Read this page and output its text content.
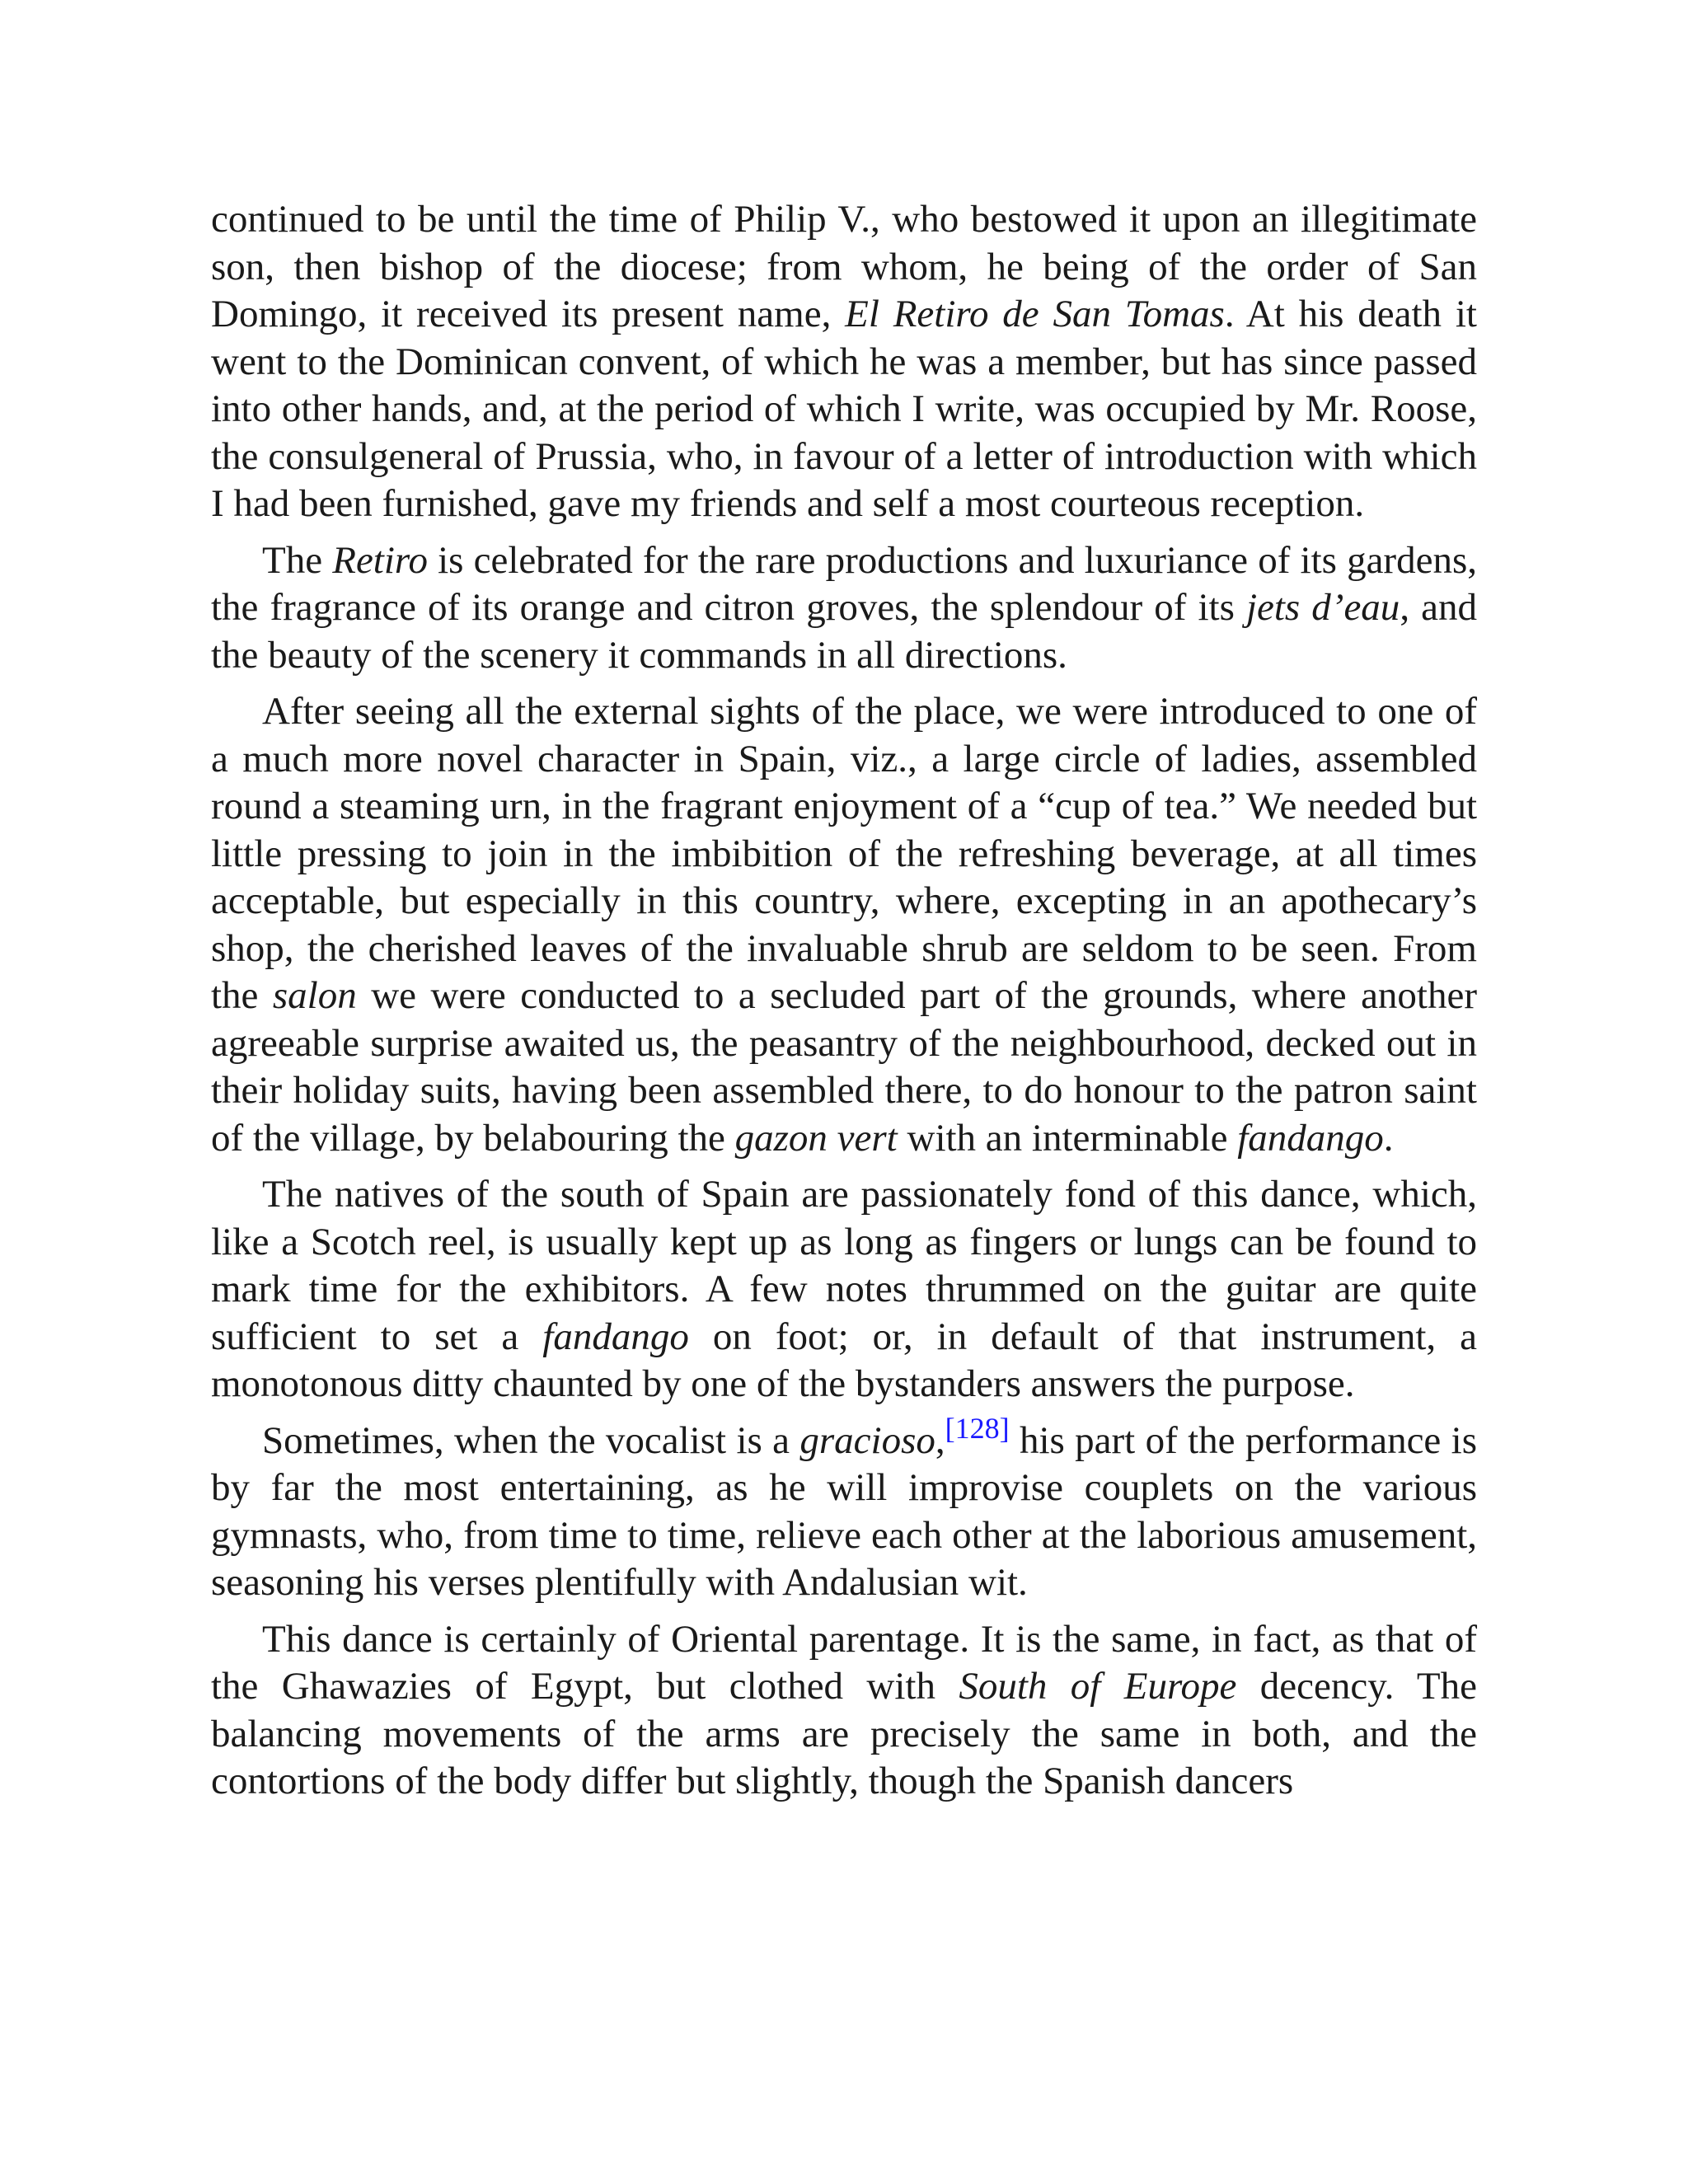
continued to be until the time of Philip V., who bestowed it upon an illegitimate son, then bishop of the diocese; from whom, he being of the order of San Domingo, it received its present name, El Retiro de San Tomas. At his death it went to the Dominican convent, of which he was a member, but has since passed into other hands, and, at the period of which I write, was occupied by Mr. Roose, the consulgeneral of Prussia, who, in favour of a letter of introduction with which I had been furnished, gave my friends and self a most courteous reception.

The Retiro is celebrated for the rare productions and luxuriance of its gardens, the fragrance of its orange and citron groves, the splendour of its jets d’eau, and the beauty of the scenery it commands in all directions.

After seeing all the external sights of the place, we were introduced to one of a much more novel character in Spain, viz., a large circle of ladies, assembled round a steaming urn, in the fragrant enjoyment of a “cup of tea.” We needed but little pressing to join in the imbibition of the refreshing beverage, at all times acceptable, but especially in this country, where, excepting in an apothecary’s shop, the cherished leaves of the invaluable shrub are seldom to be seen. From the salon we were conducted to a secluded part of the grounds, where another agreeable surprise awaited us, the peasantry of the neighbourhood, decked out in their holiday suits, having been assembled there, to do honour to the patron saint of the village, by belabouring the gazon vert with an interminable fandango.

The natives of the south of Spain are passionately fond of this dance, which, like a Scotch reel, is usually kept up as long as fingers or lungs can be found to mark time for the exhibitors. A few notes thrummed on the guitar are quite sufficient to set a fandango on foot; or, in default of that instrument, a monotonous ditty chaunted by one of the bystanders answers the purpose.

Sometimes, when the vocalist is a gracioso,[128] his part of the performance is by far the most entertaining, as he will improvise couplets on the various gymnasts, who, from time to time, relieve each other at the laborious amusement, seasoning his verses plentifully with Andalusian wit.

This dance is certainly of Oriental parentage. It is the same, in fact, as that of the Ghawazies of Egypt, but clothed with South of Europe decency. The balancing movements of the arms are precisely the same in both, and the contortions of the body differ but slightly, though the Spanish dancers
